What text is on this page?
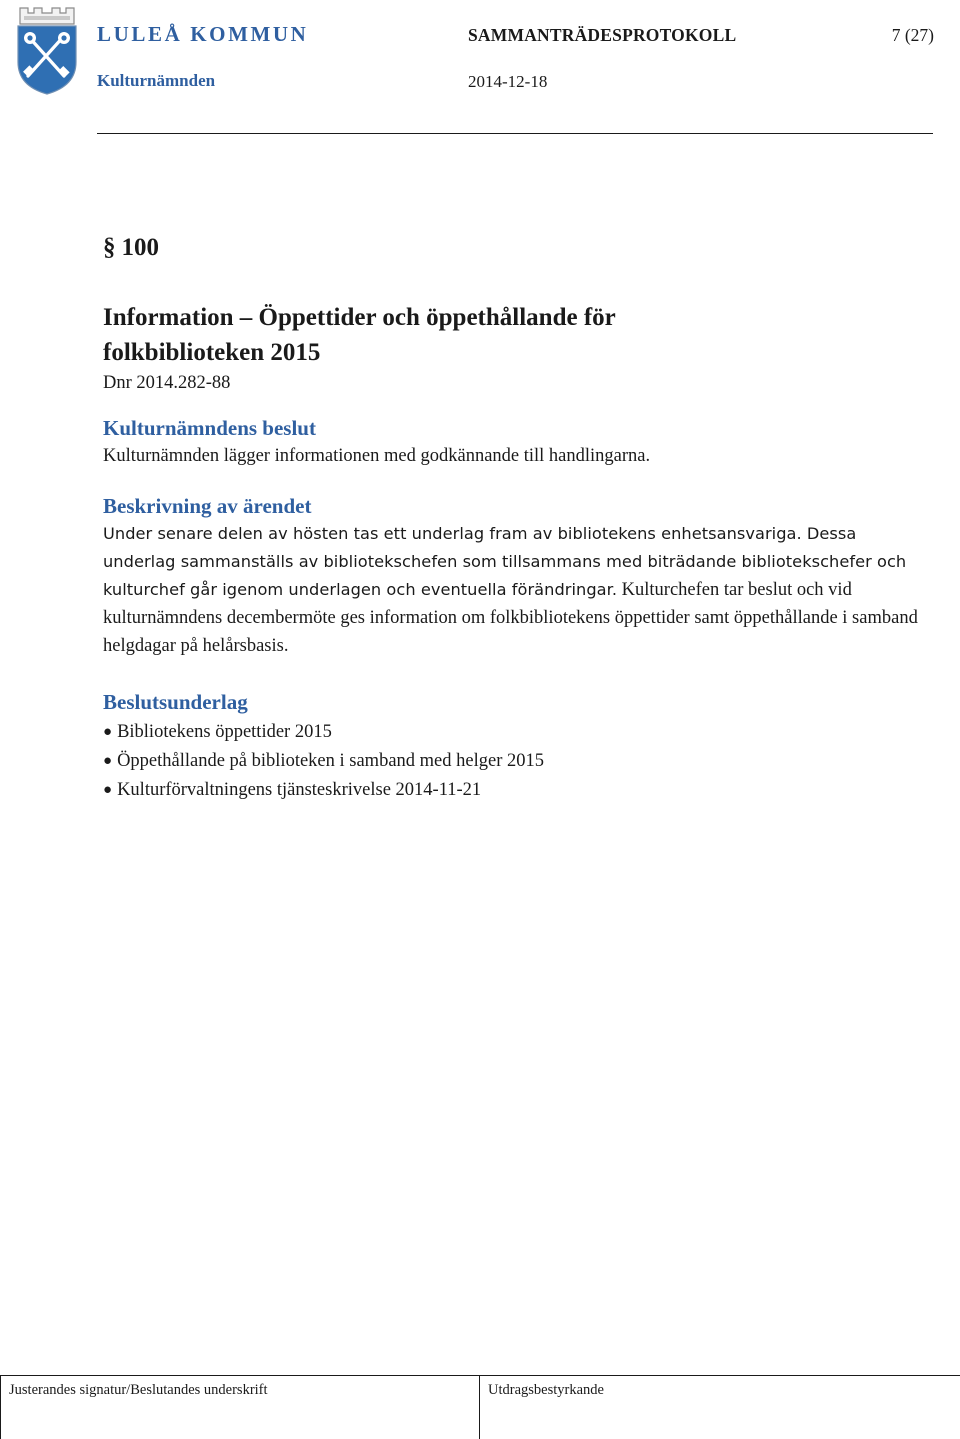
LULEÅ KOMMUN
Kulturnämnden
SAMMANTRÄDESPROTOKOLL
2014-12-18
7 (27)
§ 100
Information – Öppettider och öppethållande för folkbiblioteken 2015
Dnr 2014.282-88
Kulturnämndens beslut
Kulturnämnden lägger informationen med godkännande till handlingarna.
Beskrivning av ärendet
Under senare delen av hösten tas ett underlag fram av bibliotekens enhetsansvariga. Dessa underlag sammanställs av bibliotekschefen som tillsammans med biträdande bibliotekschefer och kulturchef går igenom underlagen och eventuella förändringar. Kulturchefen tar beslut och vid kulturnämndens decembermöte ges information om folkbibliotekens öppettider samt öppethållande i samband helgdagar på helårsbasis.
Beslutsunderlag
● Bibliotekens öppettider 2015
● Öppethållande på biblioteken i samband med helger 2015
● Kulturförvaltningens tjänsteskrivelse 2014-11-21
Justerandes signatur/Beslutandes underskrift	Utdragsbestyrkande
